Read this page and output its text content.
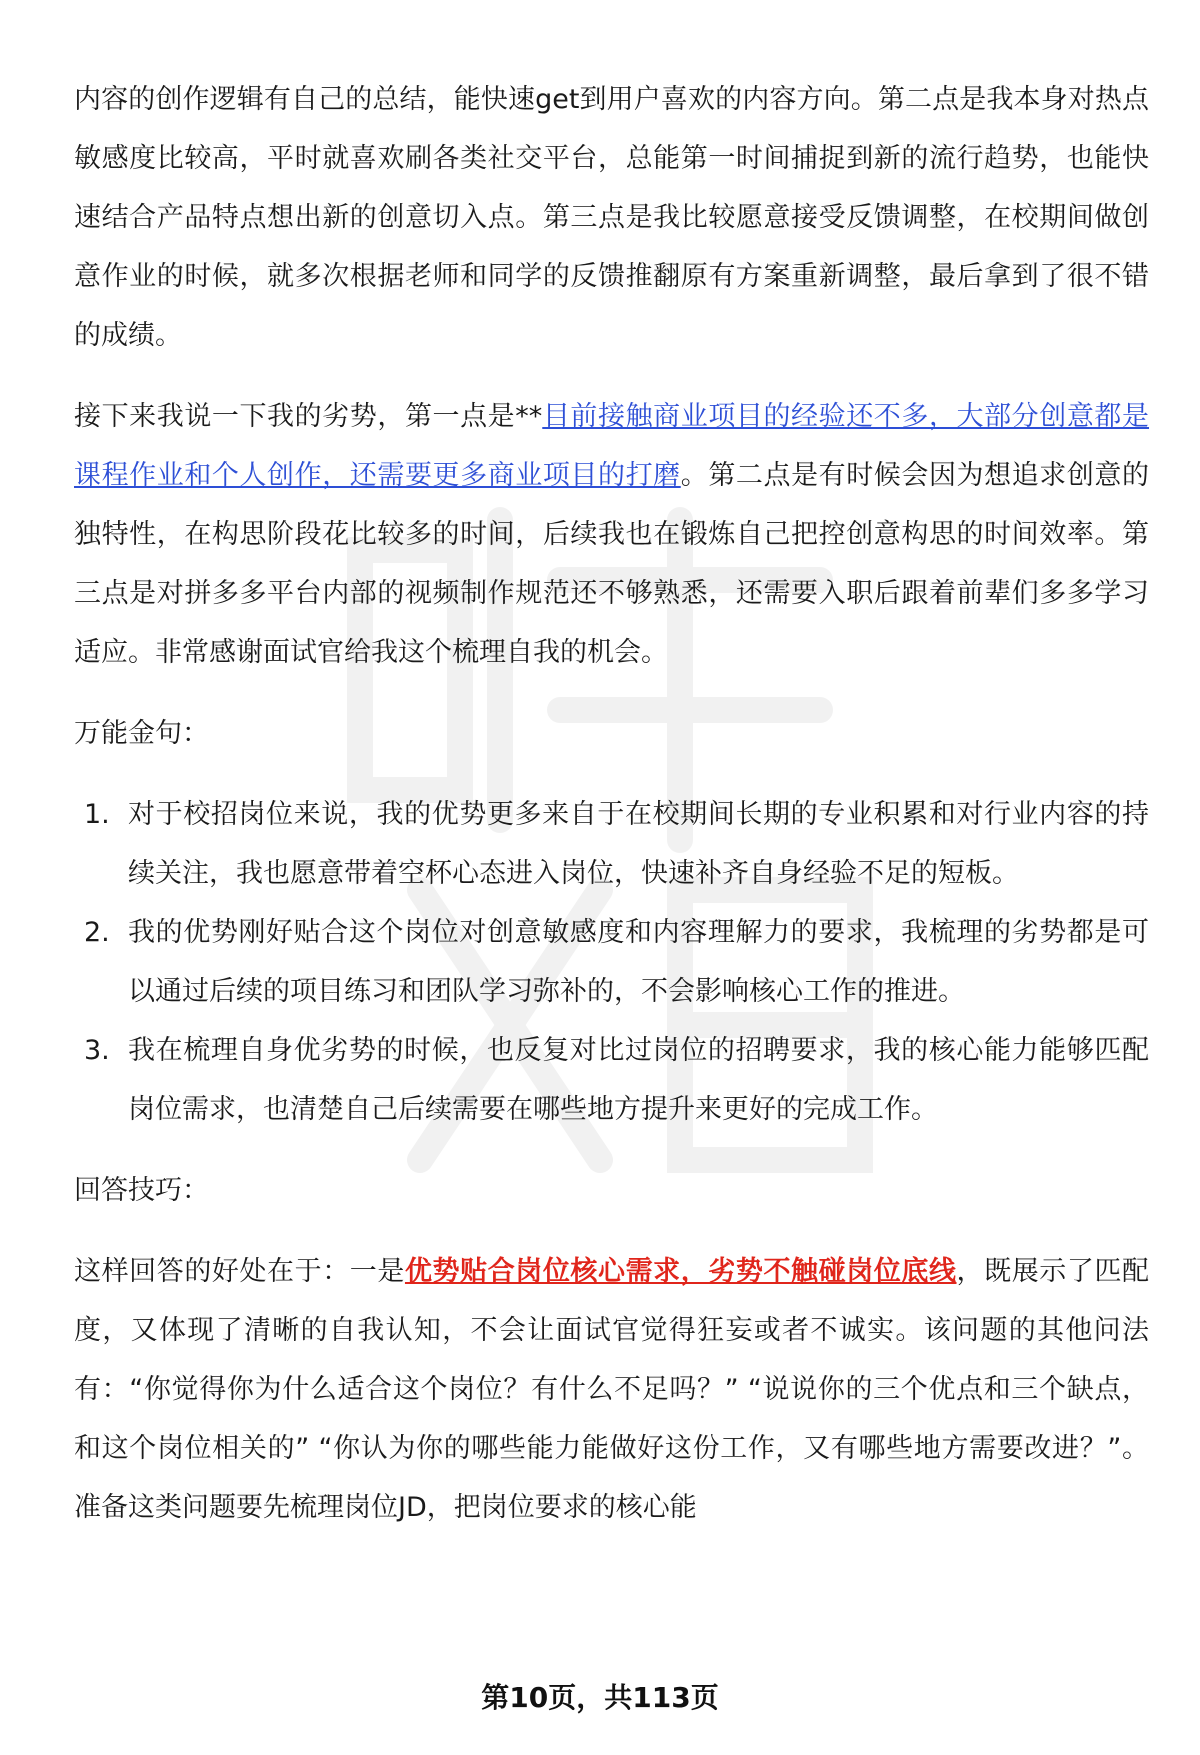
内容的创作逻辑有自己的总结，能快速get到用户喜欢的内容方向。第二点是我本身对热点敏感度比较高，平时就喜欢刷各类社交平台，总能第一时间捕捉到新的流行趋势，也能快速结合产品特点想出新的创意切入点。第三点是我比较愿意接受反馈调整，在校期间做创意作业的时候，就多次根据老师和同学的反馈推翻原有方案重新调整，最后拿到了很不错的成绩。

接下来我说一下我的劣势，第一点是**目前接触商业项目的经验还不多，大部分创意都是课程作业和个人创作，还需要更多商业项目的打磨。第二点是有时候会因为想追求创意的独特性，在构思阶段花比较多的时间，后续我也在锻炼自己把控创意构思的时间效率。第三点是对拼多多平台内部的视频制作规范还不够熟悉，还需要入职后跟着前辈们多多学习适应。非常感谢面试官给我这个梳理自我的机会。

万能金句：

1. 对于校招岗位来说，我的优势更多来自于在校期间长期的专业积累和对行业内容的持续关注，我也愿意带着空杯心态进入岗位，快速补齐自身经验不足的短板。
2. 我的优势刚好贴合这个岗位对创意敏感度和内容理解力的要求，我梳理的劣势都是可以通过后续的项目练习和团队学习弥补的，不会影响核心工作的推进。
3. 我在梳理自身优劣势的时候，也反复对比过岗位的招聘要求，我的核心能力能够匹配岗位需求，也清楚自己后续需要在哪些地方提升来更好的完成工作。

回答技巧：

这样回答的好处在于：一是优势贴合岗位核心需求，劣势不触碰岗位底线，既展示了匹配度，又体现了清晰的自我认知，不会让面试官觉得狂妄或者不诚实。该问题的其他问法有：“你觉得你为什么适合这个岗位？有什么不足吗？” “说说你的三个优点和三个缺点，和这个岗位相关的” “你认为你的哪些能力能做好这份工作，又有哪些地方需要改进？”。准备这类问题要先梳理岗位JD，把岗位要求的核心能

第10页，共113页
